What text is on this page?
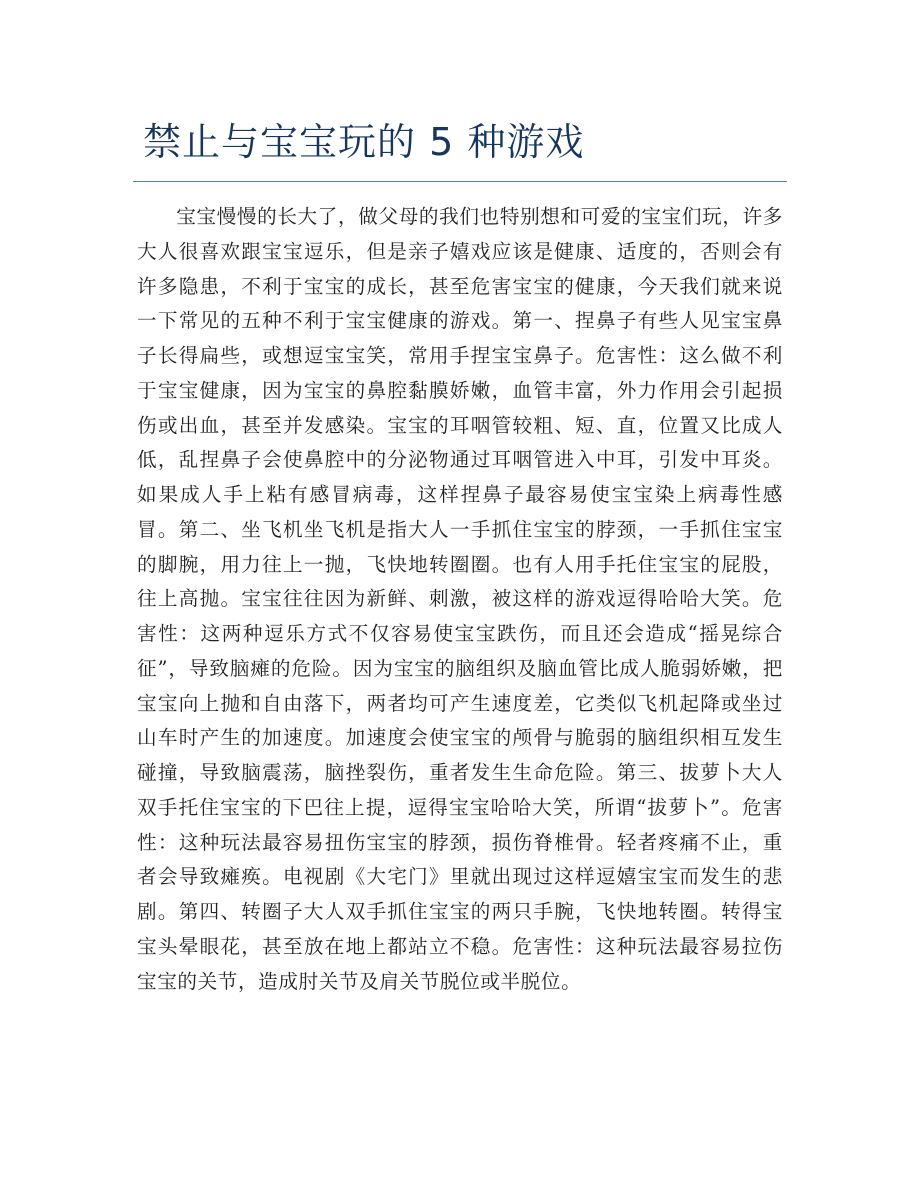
禁止与宝宝玩的 5 种游戏

宝宝慢慢的长大了，做父母的我们也特别想和可爱的宝宝们玩，许多大人很喜欢跟宝宝逗乐，但是亲子嬉戏应该是健康、适度的，否则会有许多隐患，不利于宝宝的成长，甚至危害宝宝的健康，今天我们就来说一下常见的五种不利于宝宝健康的游戏。第一、捏鼻子有些人见宝宝鼻子长得扁些，或想逗宝宝笑，常用手捏宝宝鼻子。危害性：这么做不利于宝宝健康，因为宝宝的鼻腔黏膜娇嫩，血管丰富，外力作用会引起损伤或出血，甚至并发感染。宝宝的耳咽管较粗、短、直，位置又比成人低，乱捏鼻子会使鼻腔中的分泌物通过耳咽管进入中耳，引发中耳炎。如果成人手上粘有感冒病毒，这样捏鼻子最容易使宝宝染上病毒性感冒。第二、坐飞机坐飞机是指大人一手抓住宝宝的脖颈，一手抓住宝宝的脚腕，用力往上一抛，飞快地转圈圈。也有人用手托住宝宝的屁股，往上高抛。宝宝往往因为新鲜、刺激，被这样的游戏逗得哈哈大笑。危害性：这两种逗乐方式不仅容易使宝宝跌伤，而且还会造成“摇晃综合征”，导致脑瘫的危险。因为宝宝的脑组织及脑血管比成人脆弱娇嫩，把宝宝向上抛和自由落下，两者均可产生速度差，它类似飞机起降或坐过山车时产生的加速度。加速度会使宝宝的颅骨与脆弱的脑组织相互发生碰撞，导致脑震荡，脑挫裂伤，重者发生生命危险。第三、拔萝卜大人双手托住宝宝的下巴往上提，逗得宝宝哈哈大笑，所谓“拔萝卜”。危害性：这种玩法最容易扭伤宝宝的脖颈，损伤脊椎骨。轻者疼痛不止，重者会导致瘫痪。电视剧《大宅门》里就出现过这样逗嬉宝宝而发生的悲剧。第四、转圈子大人双手抓住宝宝的两只手腕，飞快地转圈。转得宝宝头晕眼花，甚至放在地上都站立不稳。危害性：这种玩法最容易拉伤宝宝的关节，造成肘关节及肩关节脱位或半脱位。
